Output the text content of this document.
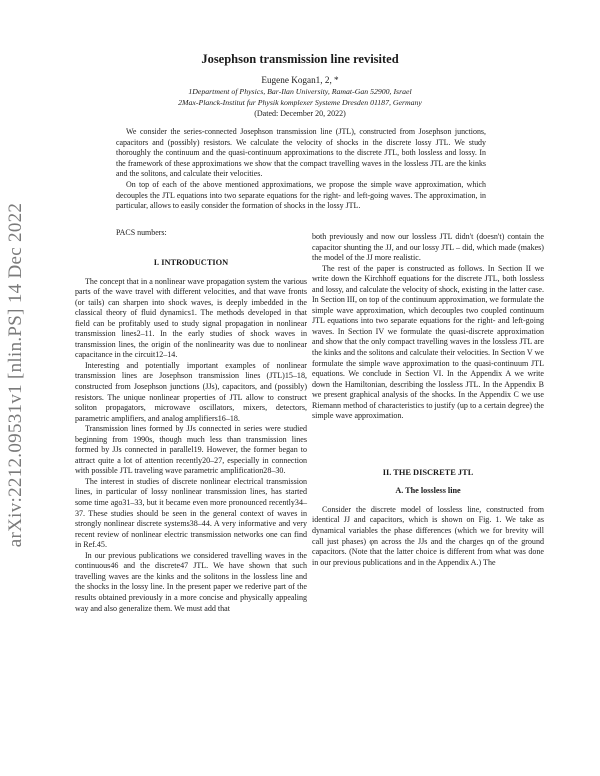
arXiv:2212.09531v1 [nlin.PS] 14 Dec 2022
Josephson transmission line revisited
Eugene Kogan1, 2, *
1Department of Physics, Bar-Ilan University, Ramat-Gan 52900, Israel
2Max-Planck-Institut fur Physik komplexer Systeme Dresden 01187, Germany
(Dated: December 20, 2022)

We consider the series-connected Josephson transmission line (JTL), constructed from Josephson junctions, capacitors and (possibly) resistors. We calculate the velocity of shocks in the discrete lossy JTL. We study thoroughly the continuum and the quasi-continuum approximations to the discrete JTL, both lossless and lossy. In the framework of these approximations we show that the compact travelling waves in the lossless JTL are the kinks and the solitons, and calculate their velocities.

On top of each of the above mentioned approximations, we propose the simple wave approximation, which decouples the JTL equations into two separate equations for the right- and left-going waves. The approximation, in particular, allows to easily consider the formation of shocks in the lossy JTL.

PACS numbers:
I. INTRODUCTION

The concept that in a nonlinear wave propagation system the various parts of the wave travel with different velocities, and that wave fronts (or tails) can sharpen into shock waves, is deeply imbedded in the classical theory of fluid dynamics1. The methods developed in that field can be profitably used to study signal propagation in nonlinear transmission lines2–11. In the early studies of shock waves in transmission lines, the origin of the nonlinearity was due to nonlinear capacitance in the circuit12–14.

Interesting and potentially important examples of nonlinear transmission lines are Josephson transmission lines (JTL)15–18, constructed from Josephson junctions (JJs), capacitors, and (possibly) resistors. The unique nonlinear properties of JTL allow to construct soliton propagators, microwave oscillators, mixers, detectors, parametric amplifiers, and analog amplifiers16–18.

Transmission lines formed by JJs connected in series were studied beginning from 1990s, though much less than transmission lines formed by JJs connected in parallel19. However, the former began to attract quite a lot of attention recently20–27, especially in connection with possible JTL traveling wave parametric amplification28–30.

The interest in studies of discrete nonlinear electrical transmission lines, in particular of lossy nonlinear transmission lines, has started some time ago31–33, but it became even more pronounced recently34–37. These studies should be seen in the general context of waves in strongly nonlinear discrete systems38–44. A very informative and very recent review of nonlinear electric transmission networks one can find in Ref.45.

In our previous publications we considered travelling waves in the continuous46 and the discrete47 JTL. We have shown that such travelling waves are the kinks and the solitons in the lossless line and the shocks in the lossy line. In the present paper we rederive part of the results obtained previously in a more concise and physically appealing way and also generalize them. We must add that

both previously and now our lossless JTL didn't (doesn't) contain the capacitor shunting the JJ, and our lossy JTL – did, which made (makes) the model of the JJ more realistic.

The rest of the paper is constructed as follows. In Section II we write down the Kirchhoff equations for the discrete JTL, both lossless and lossy, and calculate the velocity of shock, existing in the latter case. In Section III, on top of the continuum approximation, we formulate the simple wave approximation, which decouples two coupled continuum JTL equations into two separate equations for the right- and left-going waves. In Section IV we formulate the quasi-discrete approximation and show that the only compact travelling waves in the lossless JTL are the kinks and the solitons and calculate their velocities. In Section V we formulate the simple wave approximation to the quasi-continuum JTL equations. We conclude in Section VI. In the Appendix A we write down the Hamiltonian, describing the lossless JTL. In the Appendix B we present graphical analysis of the shocks. In the Appendix C we use Riemann method of characteristics to justify (up to a certain degree) the simple wave approximation.

II. THE DISCRETE JTL
A. The lossless line

Consider the discrete model of lossless line, constructed from identical JJ and capacitors, which is shown on Fig. 1. We take as dynamical variables the phase differences (which we for brevity will call just phases) φn across the JJs and the charges qn of the ground capacitors. (Note that the latter choice is different from what was done in our previous publications and in the Appendix A.) The
